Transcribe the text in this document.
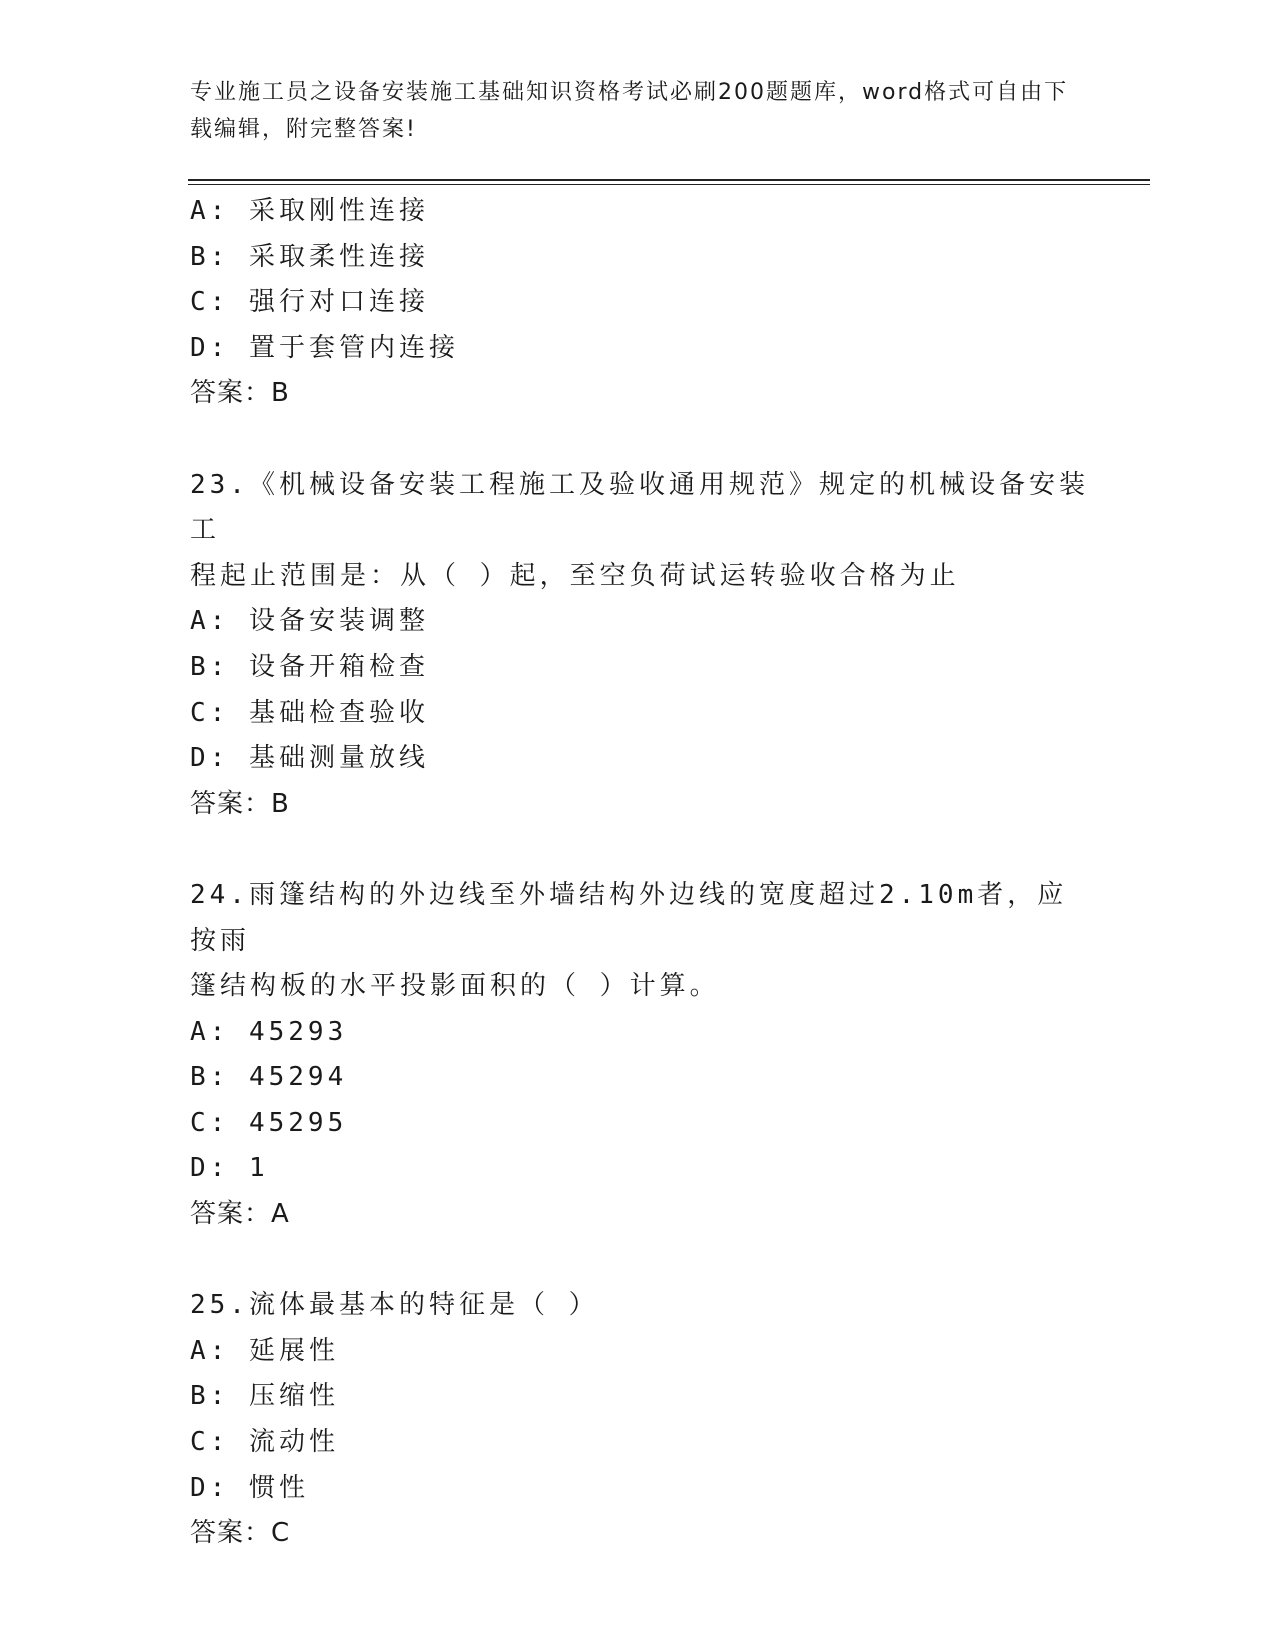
专业施工员之设备安装施工基础知识资格考试必刷200题题库，word格式可自由下载编辑，附完整答案!
A: 采取刚性连接
B: 采取柔性连接
C: 强行对口连接
D: 置于套管内连接
答案：B
23.《机械设备安装工程施工及验收通用规范》规定的机械设备安装工
程起止范围是：从（ ）起，至空负荷试运转验收合格为止
A: 设备安装调整
B: 设备开箱检查
C: 基础检查验收
D: 基础测量放线
答案：B
24.雨篷结构的外边线至外墙结构外边线的宽度超过2.10m者，应按雨
篷结构板的水平投影面积的（ ）计算。
A: 45293
B: 45294
C: 45295
D: 1
答案：A
25.流体最基本的特征是（ ）
A: 延展性
B: 压缩性
C: 流动性
D: 惯性
答案：C
